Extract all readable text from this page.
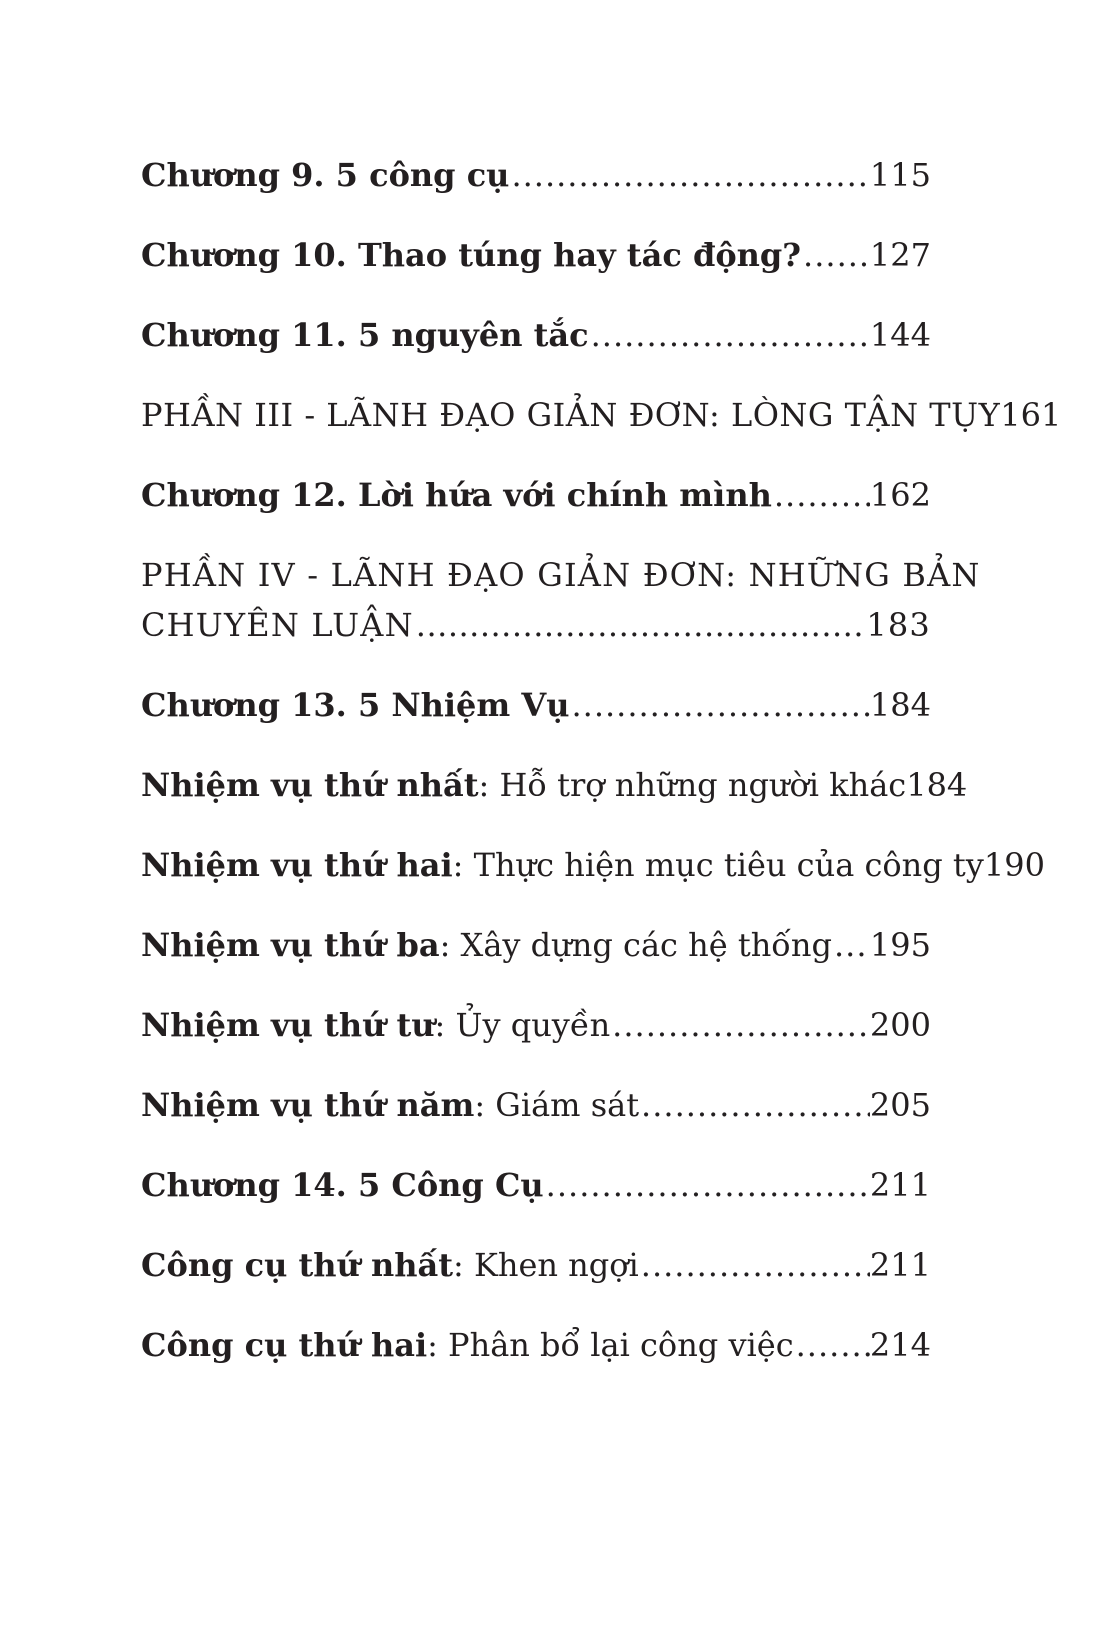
Chương 9. 5 công cụ .....	115
Chương 10. Thao túng hay tác động? ..... 127
Chương 11. 5 nguyên tắc .....	144
PHẦN III - LÃNH ĐẠO GIẢN ĐƠN: LÒNG TẬN TỤY 161
Chương 12. Lời hứa với chính mình .....	162
PHẦN IV - LÃNH ĐẠO GIẢN ĐƠN: NHỮNG BẢN
CHUYÊN LUẬN .....	183
Chương 13. 5 Nhiệm Vụ .....	184
Nhiệm vụ thứ nhất: Hỗ trợ những người khác 184
Nhiệm vụ thứ hai: Thực hiện mục tiêu của công ty 190
Nhiệm vụ thứ ba: Xây dựng các hệ thống ..... 195
Nhiệm vụ thứ tư: Ủy quyền .....	200
Nhiệm vụ thứ năm: Giám sát .....	205
Chương 14. 5 Công Cụ .....	211
Công cụ thứ nhất: Khen ngợi .....	211
Công cụ thứ hai: Phân bổ lại công việc ..... 214
